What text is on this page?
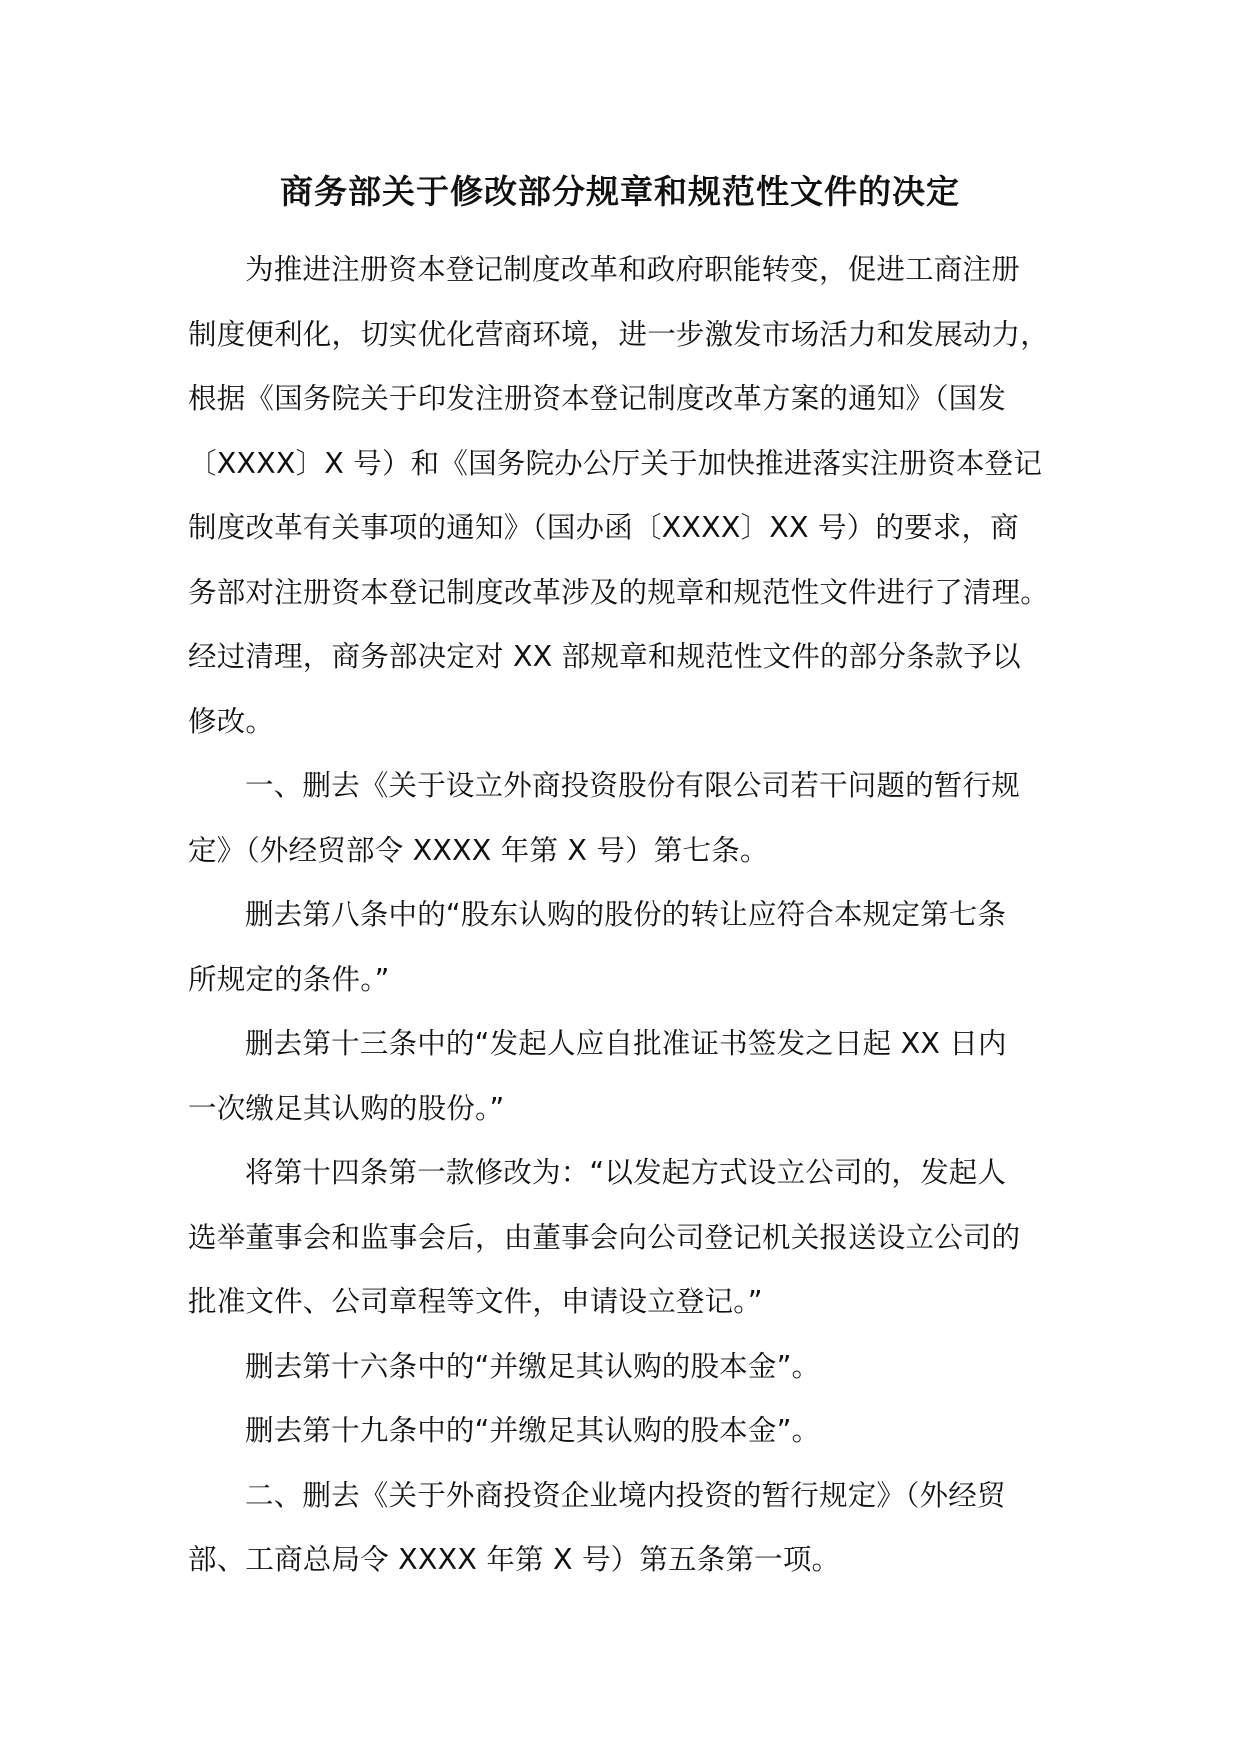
商务部关于修改部分规章和规范性文件的决定
为推进注册资本登记制度改革和政府职能转变，促进工商注册
制度便利化，切实优化营商环境，进一步激发市场活力和发展动力，
根据《国务院关于印发注册资本登记制度改革方案的通知》（国发
〔XXXX〕X 号）和《国务院办公厅关于加快推进落实注册资本登记
制度改革有关事项的通知》（国办函〔XXXX〕XX 号）的要求，商
务部对注册资本登记制度改革涉及的规章和规范性文件进行了清理。
经过清理，商务部决定对 XX 部规章和规范性文件的部分条款予以
修改。
一、删去《关于设立外商投资股份有限公司若干问题的暂行规
定》（外经贸部令 XXXX 年第 X 号）第七条。
删去第八条中的“股东认购的股份的转让应符合本规定第七条
所规定的条件。”
删去第十三条中的“发起人应自批准证书签发之日起 XX 日内
一次缴足其认购的股份。”
将第十四条第一款修改为：“以发起方式设立公司的，发起人
选举董事会和监事会后，由董事会向公司登记机关报送设立公司的
批准文件、公司章程等文件，申请设立登记。”
删去第十六条中的“并缴足其认购的股本金”。
删去第十九条中的“并缴足其认购的股本金”。
二、删去《关于外商投资企业境内投资的暂行规定》（外经贸
部、工商总局令 XXXX 年第 X 号）第五条第一项。
